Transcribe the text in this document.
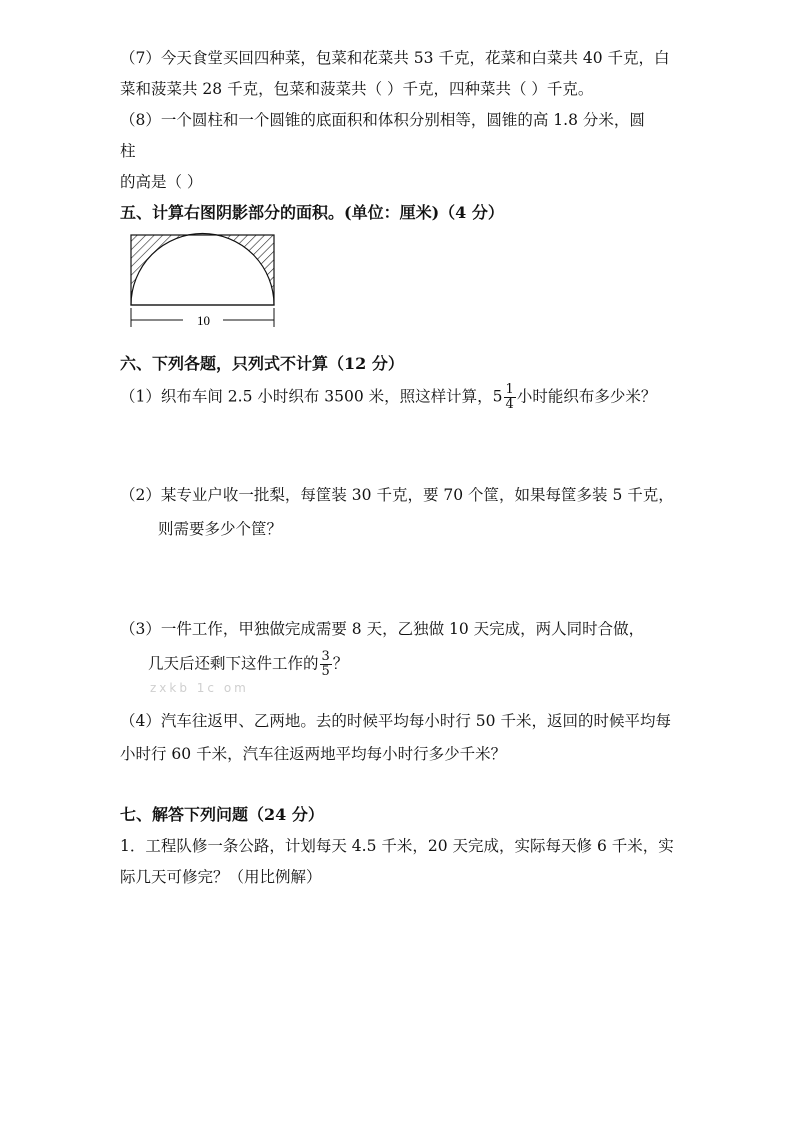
（7）今天食堂买回四种菜，包菜和花菜共 53 千克，花菜和白菜共 40 千克，白
菜和菠菜共 28 千克，包菜和菠菜共（ ）千克，四种菜共（ ）千克。
（8）一个圆柱和一个圆锥的底面积和体积分别相等，圆锥的高 1.8 分米，圆
柱
的高是（ ）
五、计算右图阴影部分的面积。(单位：厘米)（4 分）
10
六、下列各题，只列式不计算（12 分）
（1）织布车间 2.5 小时织布 3500 米，照这样计算，$5 \frac{1}{4}$ 小时能织布多少米？
（2）某专业户收一批梨，每筐装 30 千克，要 70 个筐，如果每筐多装 5 千克，
则需要多少个筐？
（3）一件工作，甲独做完成需要 8 天，乙独做 10 天完成，两人同时合做，
几天后还剩下这件工作的 $\frac{3}{5}$ ？
zxkb 1c om
（4）汽车往返甲、乙两地。去的时候平均每小时行 50 千米，返回的时候平均每
小时行 60 千米，汽车往返两地平均每小时行多少千米？
七、解答下列问题（24 分）
1．工程队修一条公路，计划每天 4.5 千米，20 天完成，实际每天修 6 千米，实
际几天可修完？（用比例解）
